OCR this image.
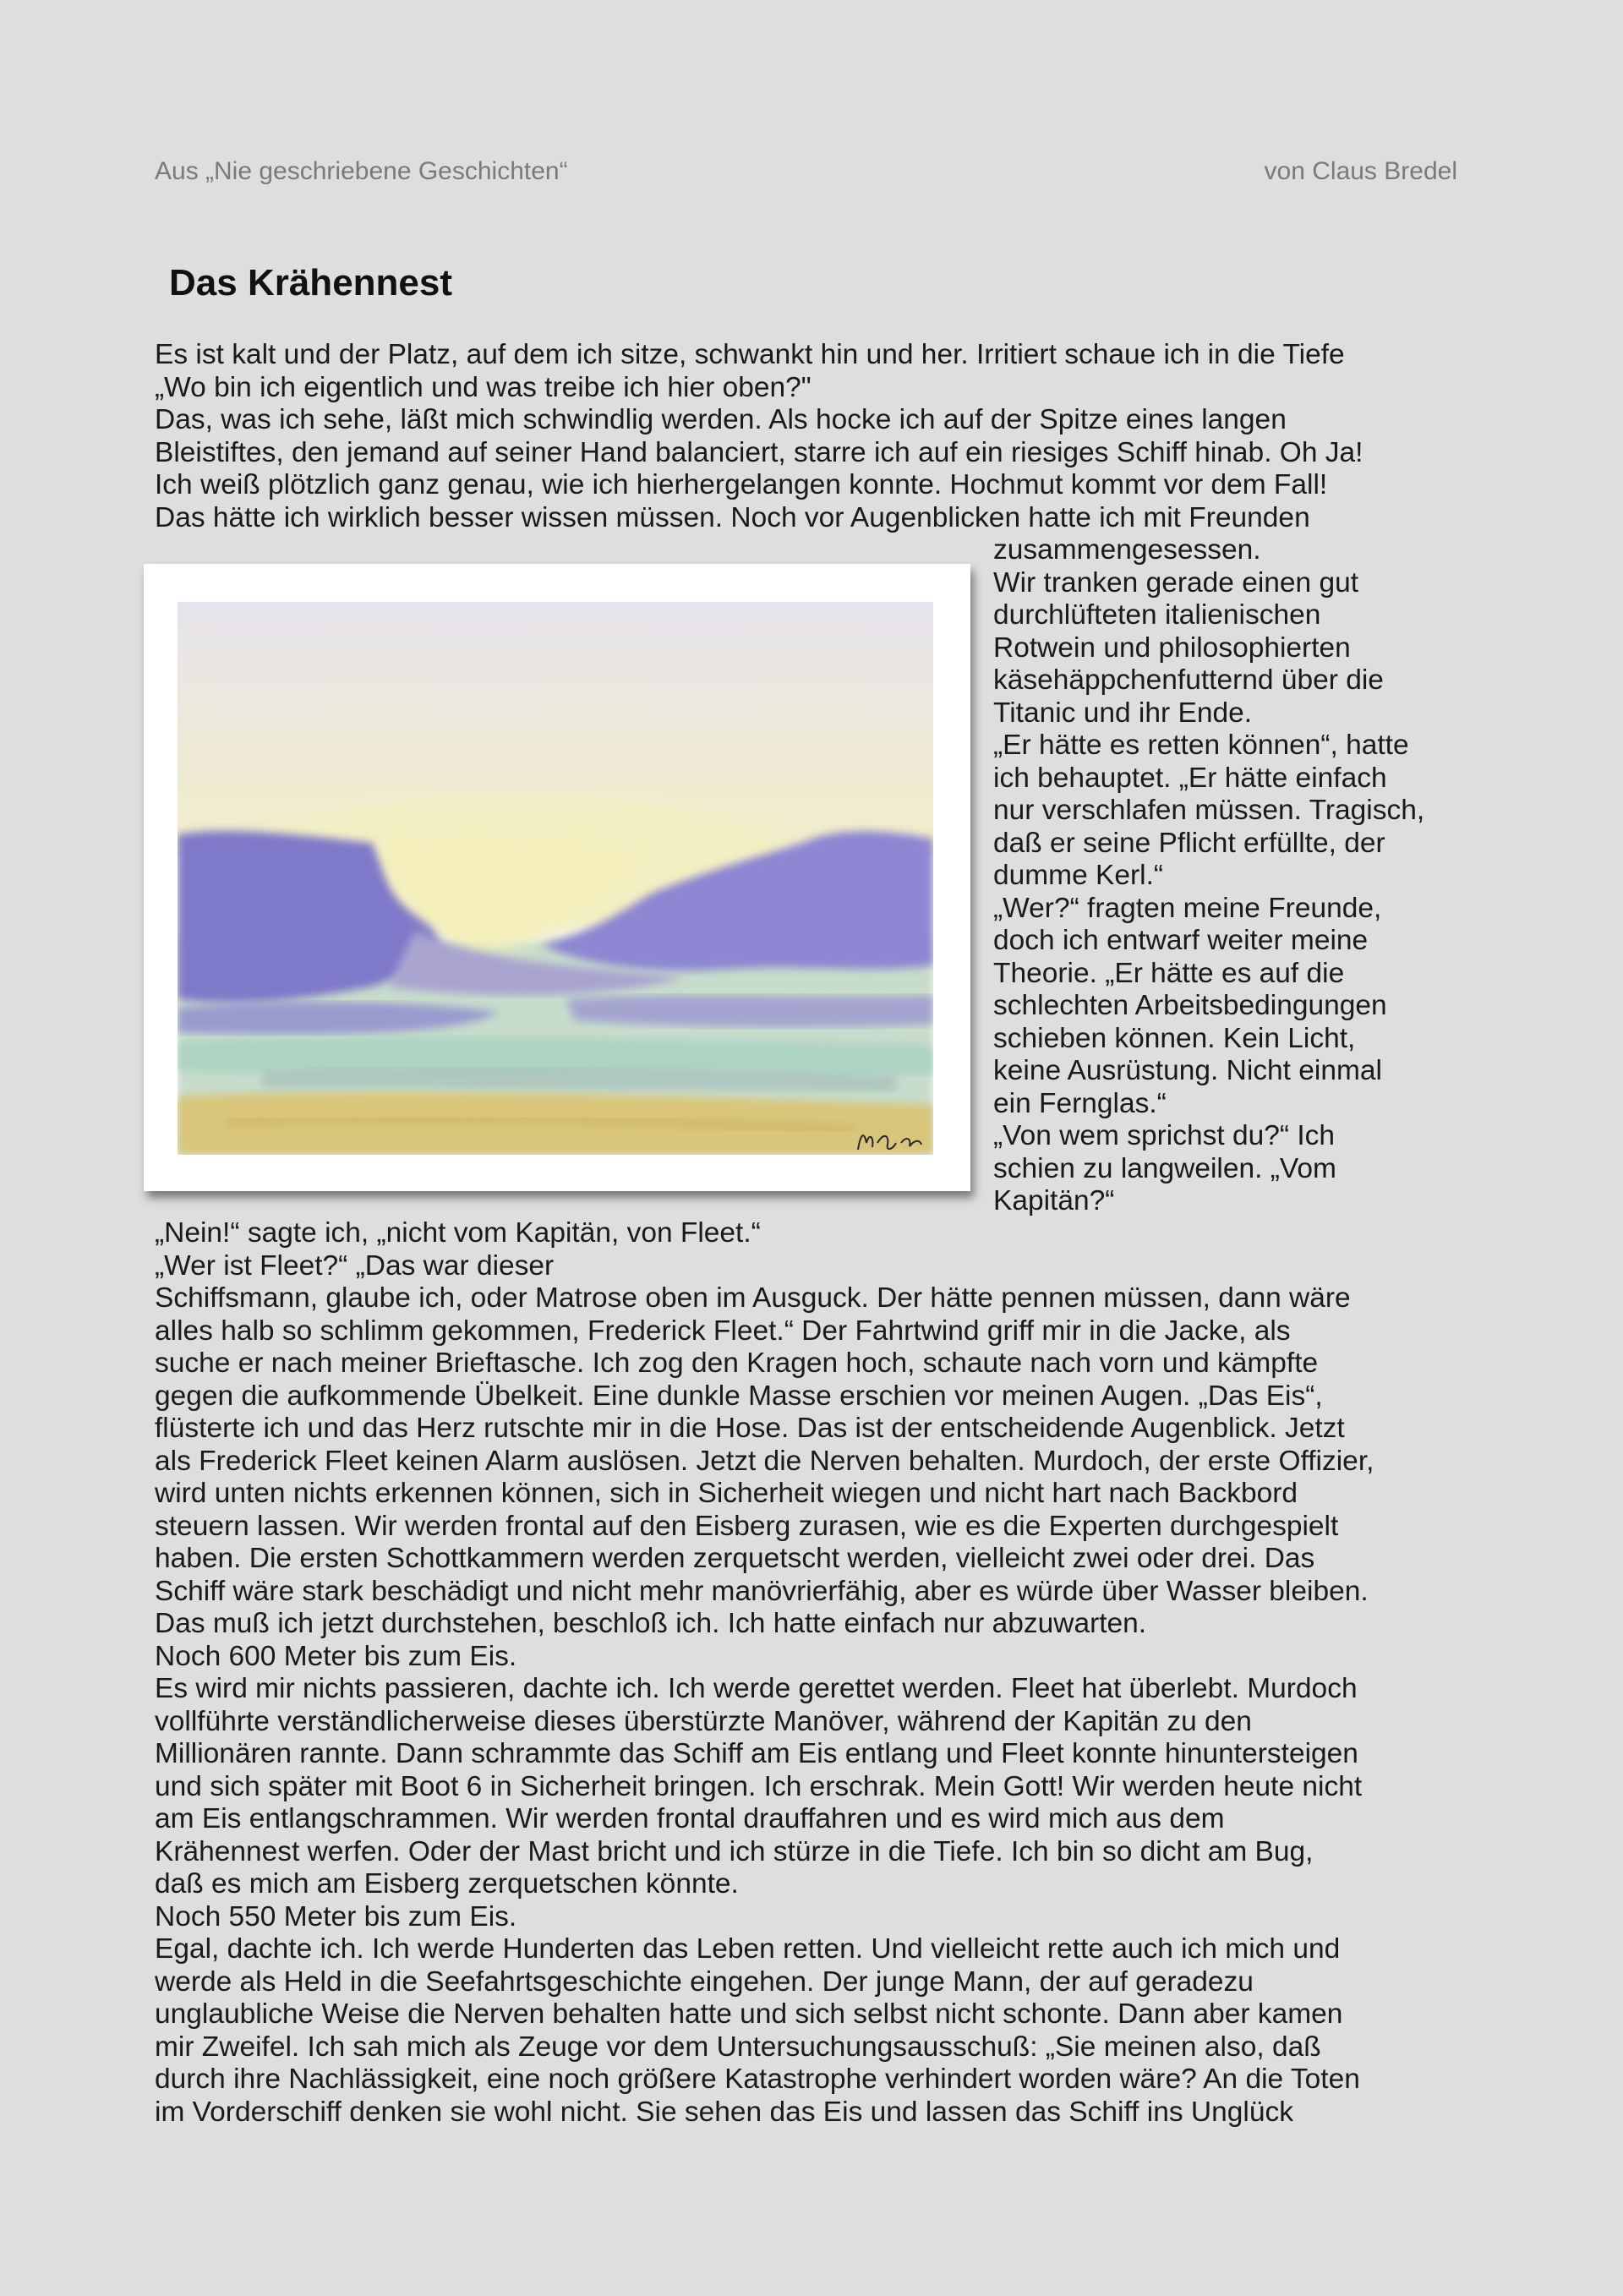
Aus „Nie geschriebene Geschichten“	von Claus Bredel
Das Krähennest

Es ist kalt und der Platz, auf dem ich sitze, schwankt hin und her. Irritiert schaue ich in die Tiefe
„Wo bin ich eigentlich und was treibe ich hier oben?"
Das, was ich sehe, läßt mich schwindlig werden. Als hocke ich auf der Spitze eines langen
Bleistiftes, den jemand auf seiner Hand balanciert, starre ich auf ein riesiges Schiff hinab. Oh Ja!
Ich weiß plötzlich ganz genau, wie ich hierhergelangen konnte. Hochmut kommt vor dem Fall!
Das hätte ich wirklich besser wissen müssen. Noch vor Augenblicken hatte ich mit Freunden

zusammengesessen.
Wir tranken gerade einen gut
durchlüfteten italienischen
Rotwein und philosophierten
käsehäppchenfutternd über die
Titanic und ihr Ende.
„Er hätte es retten können“, hatte
ich behauptet. „Er hätte einfach
nur verschlafen müssen. Tragisch,
daß er seine Pflicht erfüllte, der
dumme Kerl.“
„Wer?“ fragten meine Freunde,
doch ich entwarf weiter meine
Theorie. „Er hätte es auf die
schlechten Arbeitsbedingungen
schieben können. Kein Licht,
keine Ausrüstung. Nicht einmal
ein Fernglas.“
„Von wem sprichst du?“ Ich
schien zu langweilen. „Vom
Kapitän?“

„Nein!“ sagte ich, „nicht vom Kapitän, von Fleet.“
„Wer ist Fleet?“ „Das war dieser
Schiffsmann, glaube ich, oder Matrose oben im Ausguck. Der hätte pennen müssen, dann wäre
alles halb so schlimm gekommen, Frederick Fleet.“ Der Fahrtwind griff mir in die Jacke, als
suche er nach meiner Brieftasche. Ich zog den Kragen hoch, schaute nach vorn und kämpfte
gegen die aufkommende Übelkeit. Eine dunkle Masse erschien vor meinen Augen. „Das Eis“,
flüsterte ich und das Herz rutschte mir in die Hose. Das ist der entscheidende Augenblick. Jetzt
als Frederick Fleet keinen Alarm auslösen. Jetzt die Nerven behalten. Murdoch, der erste Offizier,
wird unten nichts erkennen können, sich in Sicherheit wiegen und nicht hart nach Backbord
steuern lassen. Wir werden frontal auf den Eisberg zurasen, wie es die Experten durchgespielt
haben. Die ersten Schottkammern werden zerquetscht werden, vielleicht zwei oder drei. Das
Schiff wäre stark beschädigt und nicht mehr manövrierfähig, aber es würde über Wasser bleiben.
Das muß ich jetzt durchstehen, beschloß ich. Ich hatte einfach nur abzuwarten.
Noch 600 Meter bis zum Eis.
Es wird mir nichts passieren, dachte ich. Ich werde gerettet werden. Fleet hat überlebt. Murdoch
vollführte verständlicherweise dieses überstürzte Manöver, während der Kapitän zu den
Millionären rannte. Dann schrammte das Schiff am Eis entlang und Fleet konnte hinuntersteigen
und sich später mit Boot 6 in Sicherheit bringen. Ich erschrak. Mein Gott! Wir werden heute nicht
am Eis entlangschrammen. Wir werden frontal drauffahren und es wird mich aus dem
Krähennest werfen. Oder der Mast bricht und ich stürze in die Tiefe. Ich bin so dicht am Bug,
daß es mich am Eisberg zerquetschen könnte.
Noch 550 Meter bis zum Eis.
Egal, dachte ich. Ich werde Hunderten das Leben retten. Und vielleicht rette auch ich mich und
werde als Held in die Seefahrtsgeschichte eingehen. Der junge Mann, der auf geradezu
unglaubliche Weise die Nerven behalten hatte und sich selbst nicht schonte. Dann aber kamen
mir Zweifel. Ich sah mich als Zeuge vor dem Untersuchungsausschuß: „Sie meinen also, daß
durch ihre Nachlässigkeit, eine noch größere Katastrophe verhindert worden wäre? An die Toten
im Vorderschiff denken sie wohl nicht. Sie sehen das Eis und lassen das Schiff ins Unglück
